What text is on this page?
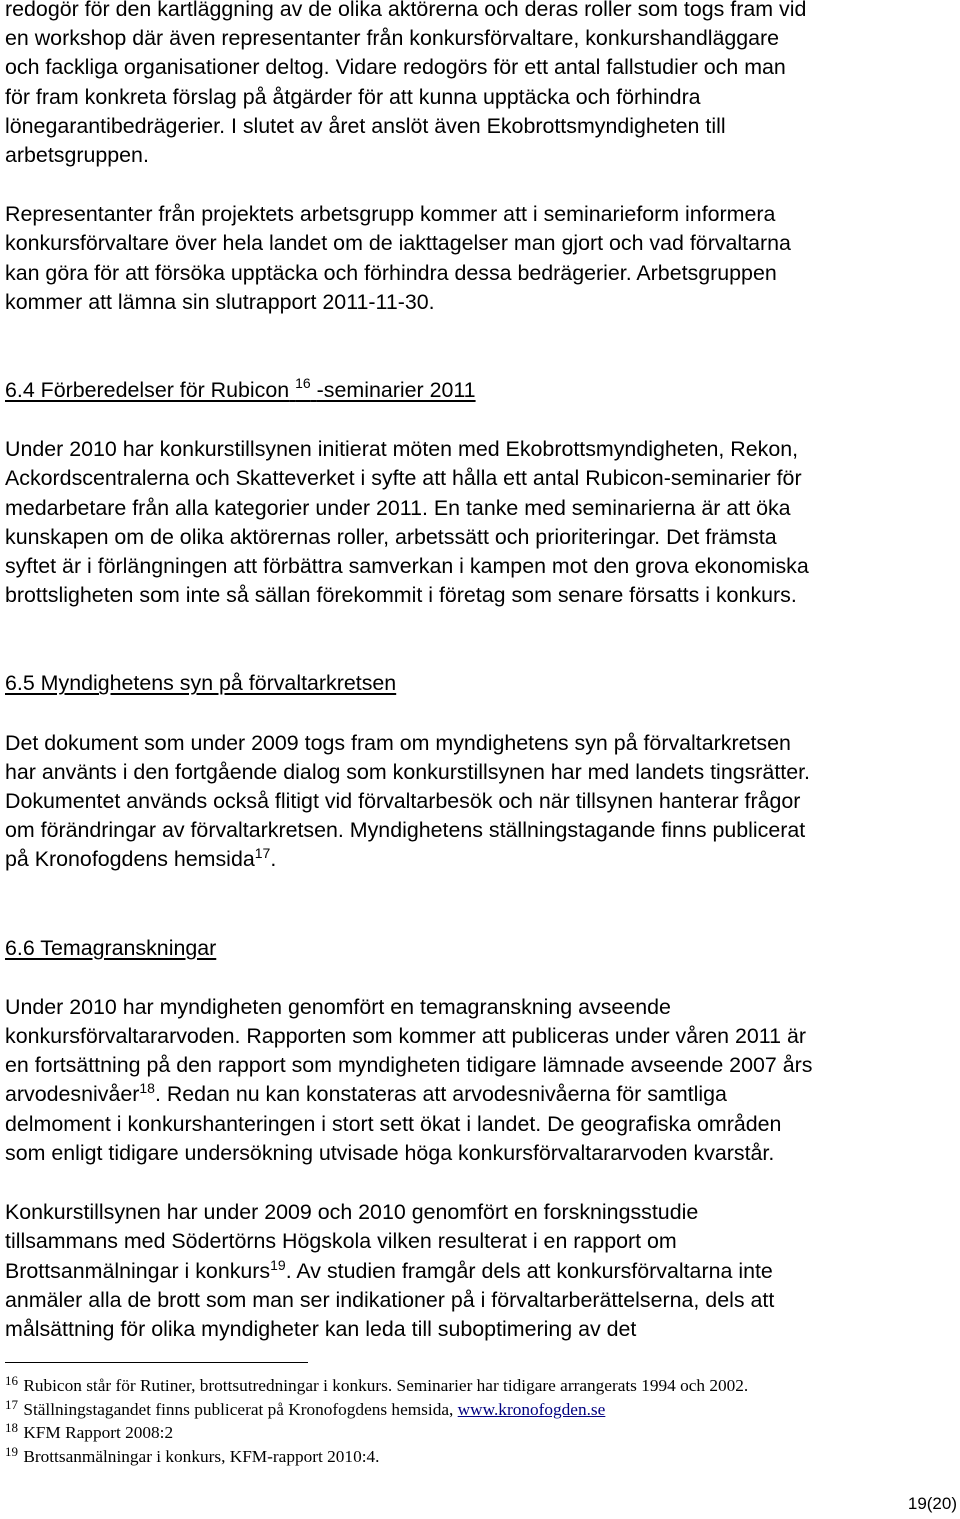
redogör för den kartläggning av de olika aktörerna och deras roller som togs fram vid

en workshop där även representanter från konkursförvaltare, konkurshandläggare

och fackliga organisationer deltog. Vidare redogörs för ett antal fallstudier och man

för fram konkreta förslag på åtgärder för att kunna upptäcka och förhindra

lönegarantibedrägerier. I slutet av året anslöt även Ekobrottsmyndigheten till

arbetsgruppen.

Representanter från projektets arbetsgrupp kommer att i seminarieform informera

konkursförvaltare över hela landet om de iakttagelser man gjort och vad förvaltarna

kan göra för att försöka upptäcka och förhindra dessa bedrägerier. Arbetsgruppen

kommer att lämna sin slutrapport 2011-11-30.

6.4 Förberedelser för Rubicon $^{16}$ -seminarier 2011

Under 2010 har konkurstillsynen initierat möten med Ekobrottsmyndigheten, Rekon,

Ackordscentralerna och Skatteverket i syfte att hålla ett antal Rubicon-seminarier för

medarbetare från alla kategorier under 2011. En tanke med seminarierna är att öka

kunskapen om de olika aktörernas roller, arbetssätt och prioriteringar. Det främsta

syftet är i förlängningen att förbättra samverkan i kampen mot den grova ekonomiska

brottsligheten som inte så sällan förekommit i företag som senare försatts i konkurs.

6.5 Myndighetens syn på förvaltarkretsen

Det dokument som under 2009 togs fram om myndighetens syn på förvaltarkretsen

har använts i den fortgående dialog som konkurstillsynen har med landets tingsrätter.

Dokumentet används också flitigt vid förvaltarbesök och när tillsynen hanterar frågor

om förändringar av förvaltarkretsen. Myndighetens ställningstagande finns publicerat

på Kronofogdens hemsida$^{17}$.

6.6 Temagranskningar

Under 2010 har myndigheten genomfört en temagranskning avseende

konkursförvaltararvoden. Rapporten som kommer att publiceras under våren 2011 är

en fortsättning på den rapport som myndigheten tidigare lämnade avseende 2007 års

arvodesnivåer$^{18}$. Redan nu kan konstateras att arvodesnivåerna för samtliga

delmoment i konkurshanteringen i stort sett ökat i landet. De geografiska områden

som enligt tidigare undersökning utvisade höga konkursförvaltararvoden kvarstår.

Konkurstillsynen har under 2009 och 2010 genomfört en forskningsstudie

tillsammans med Södertörns Högskola vilken resulterat i en rapport om

Brottsanmälningar i konkurs$^{19}$. Av studien framgår dels att konkursförvaltarna inte

anmäler alla de brott som man ser indikationer på i förvaltarberättelserna, dels att

målsättning för olika myndigheter kan leda till suboptimering av det

$^{16}$ Rubicon står för Rutiner, brottsutredningar i konkurs. Seminarier har tidigare arrangerats 1994 och 2002.
$^{17}$ Ställningstagandet finns publicerat på Kronofogdens hemsida, www.kronofogden.se
$^{18}$ KFM Rapport 2008:2
$^{19}$ Brottsanmälningar i konkurs, KFM-rapport 2010:4.
19(20)
